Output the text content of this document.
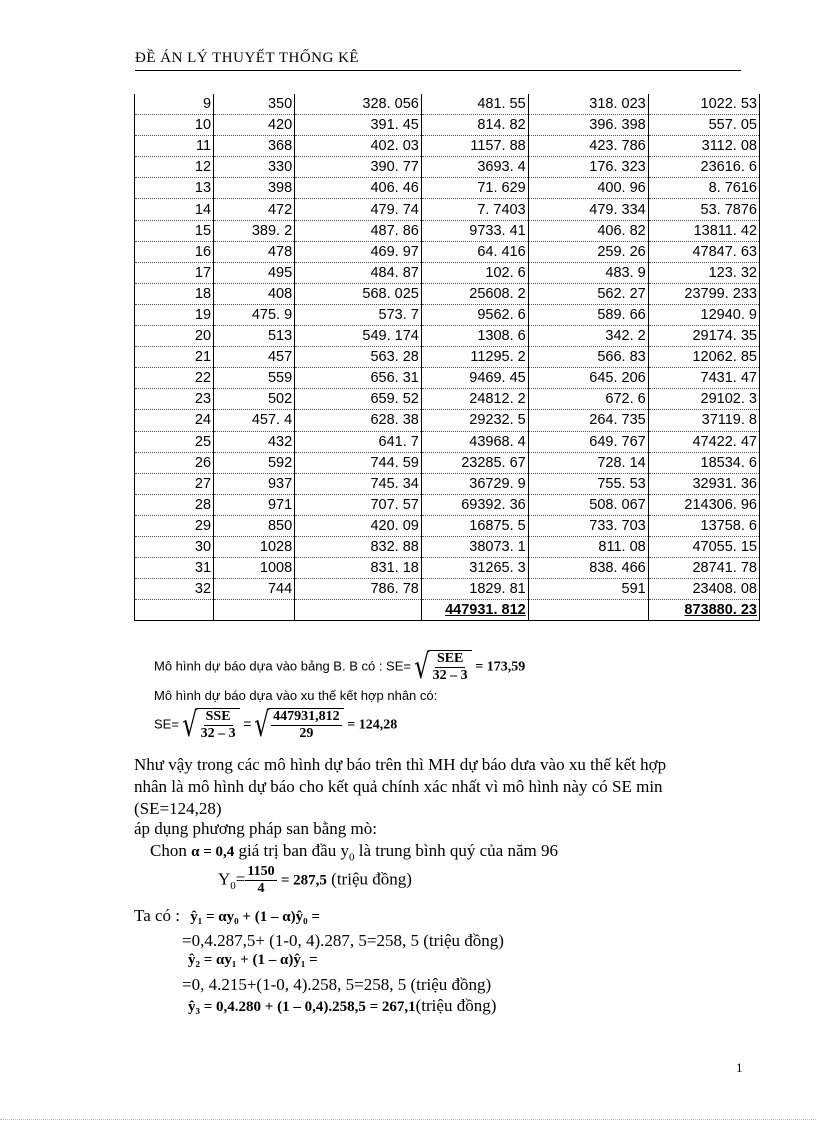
ĐỀ ÁN LÝ THUYẾT THỐNG KÊ
9	350	328. 056	481. 55	318. 023	1022. 53
10	420	391. 45	814. 82	396. 398	557. 05
11	368	402. 03	1157. 88	423. 786	3112. 08
12	330	390. 77	3693. 4	176. 323	23616. 6
13	398	406. 46	71. 629	400. 96	8. 7616
14	472	479. 74	7. 7403	479. 334	53. 7876
15	389. 2	487. 86	9733. 41	406. 82	13811. 42
16	478	469. 97	64. 416	259. 26	47847. 63
17	495	484. 87	102. 6	483. 9	123. 32
18	408	568. 025	25608. 2	562. 27	23799. 233
19	475. 9	573. 7	9562. 6	589. 66	12940. 9
20	513	549. 174	1308. 6	342. 2	29174. 35
21	457	563. 28	11295. 2	566. 83	12062. 85
22	559	656. 31	9469. 45	645. 206	7431. 47
23	502	659. 52	24812. 2	672. 6	29102. 3
24	457. 4	628. 38	29232. 5	264. 735	37119. 8
25	432	641. 7	43968. 4	649. 767	47422. 47
26	592	744. 59	23285. 67	728. 14	18534. 6
27	937	745. 34	36729. 9	755. 53	32931. 36
28	971	707. 57	69392. 36	508. 067	214306. 96
29	850	420. 09	16875. 5	733. 703	13758. 6
30	1028	832. 88	38073. 1	811. 08	47055. 15
31	1008	831. 18	31265. 3	838. 466	28741. 78
32	744	786. 78	1829. 81	591	23408. 08
			447931. 812		873880. 23
Mô hình dự báo dựa vào bảng B. B có : SE= √ $\frac{\text{SEE}}{32 - 3} = 173,59$
Mô hình dự báo dựa vào xu thế kết hợp nhân có:
SE= √ $\frac{\text{SSE}}{32 - 3}$ = √ $\frac{447931,812}{29} = 124,28$
Như vậy trong các mô hình dự báo trên thì MH dự báo dưa vào xu thế kết hợp
nhân là mô hình dự báo cho kết quả chính xác nhất vì mô hình này có SE min
(SE=124,28)
áp dụng phương pháp san bằng mò:
Chon α = 0,4 giá trị ban đầu $y_0$ là trung bình quý của năm 96
$Y_0= \frac{1150}{4} = 287,5$ (triệu đồng)
Ta có : ŷ₁ = αy₀ + (1 – α)ŷ₀ =
=0,4.287,5+ (1-0, 4).287, 5=258, 5 (triệu đồng)
ŷ₂ = αy₁ + (1 – α)ŷ₁ =
=0, 4.215+(1-0, 4).258, 5=258, 5 (triệu đồng)
ŷ₃ = 0,4.280 + (1 – 0,4).258,5 = 267,1(triệu đồng)
1
